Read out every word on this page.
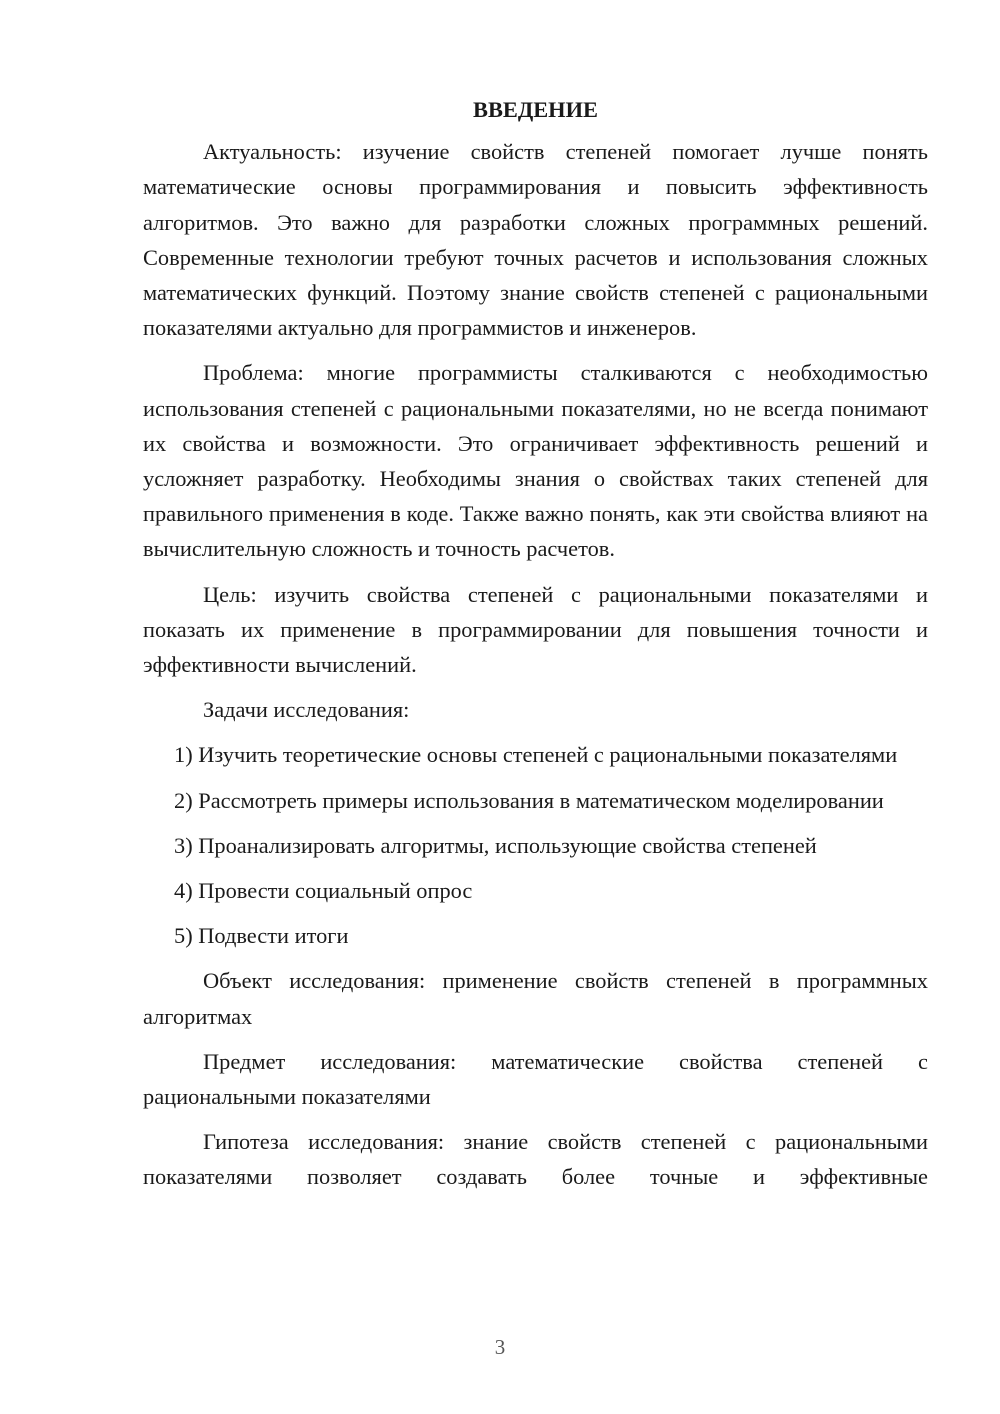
ВВЕДЕНИЕ

Актуальность: изучение свойств степеней помогает лучше понять математические основы программирования и повысить эффективность алгоритмов. Это важно для разработки сложных программных решений. Современные технологии требуют точных расчетов и использования сложных математических функций. Поэтому знание свойств степеней с рациональными показателями актуально для программистов и инженеров.

Проблема: многие программисты сталкиваются с необходимостью использования степеней с рациональными показателями, но не всегда понимают их свойства и возможности. Это ограничивает эффективность решений и усложняет разработку. Необходимы знания о свойствах таких степеней для правильного применения в коде. Также важно понять, как эти свойства влияют на вычислительную сложность и точность расчетов.

Цель: изучить свойства степеней с рациональными показателями и показать их применение в программировании для повышения точности и эффективности вычислений.

Задачи исследования:

1) Изучить теоретические основы степеней с рациональными показателями

2) Рассмотреть примеры использования в математическом моделировании

3) Проанализировать алгоритмы, использующие свойства степеней

4) Провести социальный опрос

5) Подвести итоги

Объект исследования: применение свойств степеней в программных алгоритмах

Предмет исследования: математические свойства степеней с рациональными показателями

Гипотеза исследования: знание свойств степеней с рациональными показателями позволяет создавать более точные и эффективные

3
